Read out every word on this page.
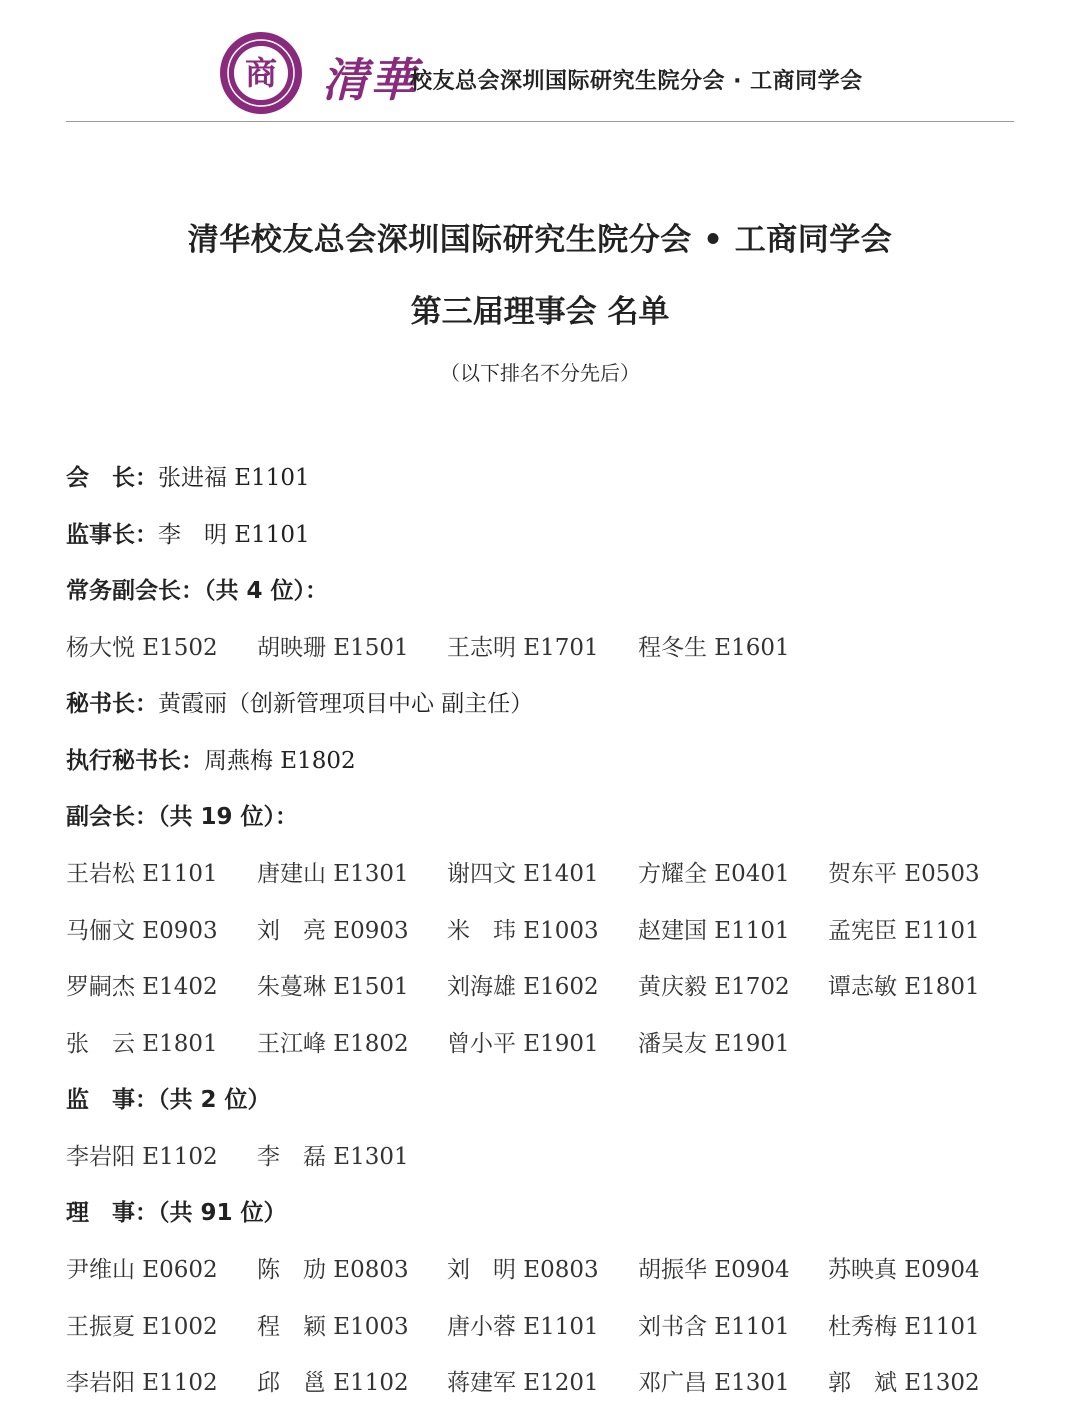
商 清華
校友总会深圳国际研究生院分会 · 工商同学会
清华校友总会深圳国际研究生院分会 • 工商同学会
第三届理事会 名单
（以下排名不分先后）
会　长：张进福 E1101
监事长：李　明 E1101
常务副会长：（共 4 位）：
杨大悦 E1502 胡映珊 E1501 王志明 E1701 程冬生 E1601
秘书长：黄霞丽（创新管理项目中心 副主任）
执行秘书长：周燕梅 E1802
副会长：（共 19 位）：
王岩松 E1101 唐建山 E1301 谢四文 E1401 方耀全 E0401 贺东平 E0503
马俪文 E0903 刘　亮 E0903 米　玮 E1003 赵建国 E1101 孟宪臣 E1101
罗嗣杰 E1402 朱蔓琳 E1501 刘海雄 E1602 黄庆毅 E1702 谭志敏 E1801
张　云 E1801 王江峰 E1802 曾小平 E1901 潘吴友 E1901
监　事：（共 2 位）
李岩阳 E1102 李　磊 E1301
理　事：（共 91 位）
尹维山 E0602 陈　劢 E0803 刘　明 E0803 胡振华 E0904 苏映真 E0904
王振夏 E1002 程　颖 E1003 唐小蓉 E1101 刘书含 E1101 杜秀梅 E1101
李岩阳 E1102 邱　邕 E1102 蒋建军 E1201 邓广昌 E1301 郭　斌 E1302
